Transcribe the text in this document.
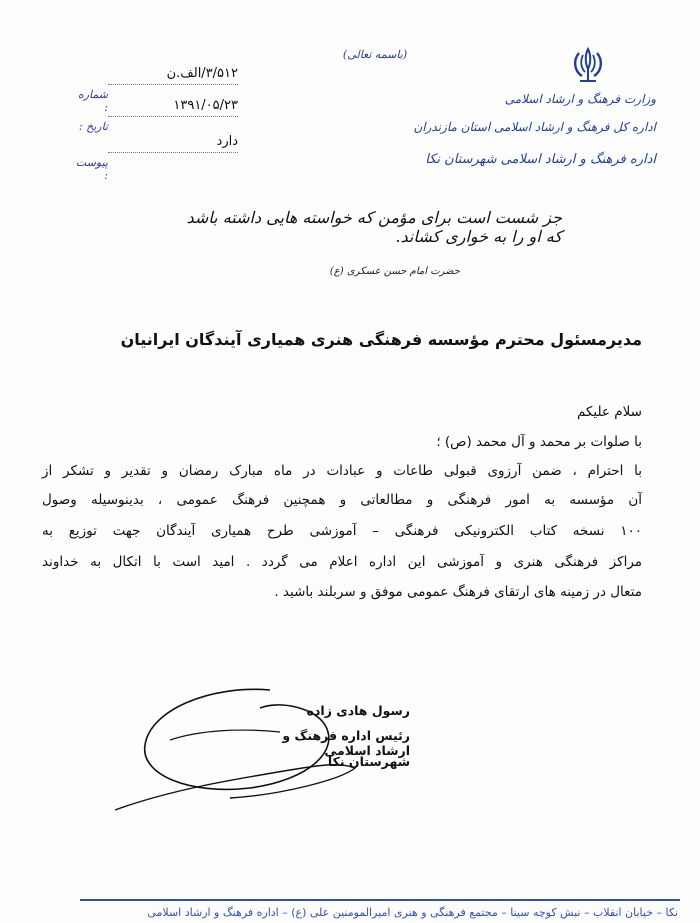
(باسمه تعالی)
وزارت فرهنگ و ارشاد اسلامی
اداره کل فرهنگ و ارشاد اسلامی استان مازندران
اداره فرهنگ و ارشاد اسلامی شهرستان نکا
۳/۵۱۲/الف.ن
شماره :	۱۳۹۱/۰۵/۲۳
تاریخ :
دارد
پیوست :
جز شست است برای مؤمن که خواسته هایی داشته باشد که او را به خواری کشاند.
حضرت امام حسن عسکری (ع)
مدیرمسئول محترم مؤسسه فرهنگی هنری همیاری آیندگان ایرانیان
سلام علیکم
با صلوات بر محمد و آل محمد (ص) ؛
با احترام ، ضمن آرزوی قبولی طاعات و عبادات در ماه مبارک رمضان و تقدیر و تشکر از
آن مؤسسه به امور فرهنگی و مطالعاتی و همچنین فرهنگ عمومی ، بدینوسیله وصول
۱۰۰ نسخه کتاب الکترونیکی فرهنگی – آموزشی طرح همیاری آیندگان جهت توزیع به
مراکز فرهنگی هنری و آموزشی این اداره اعلام می گردد . امید است با اتکال به خداوند
متعال در زمینه های ارتقای فرهنگ عمومی موفق و سربلند باشید .
رسول هادی زاده
رئیس اداره فرهنگ و ارشاد اسلامی
شهرستان نکا
نکا – خیابان انقلاب – نبش کوچه سینا – مجتمع فرهنگی و هنری امیرالمومنین علی (ع) – اداره فرهنگ و ارشاد اسلامی
